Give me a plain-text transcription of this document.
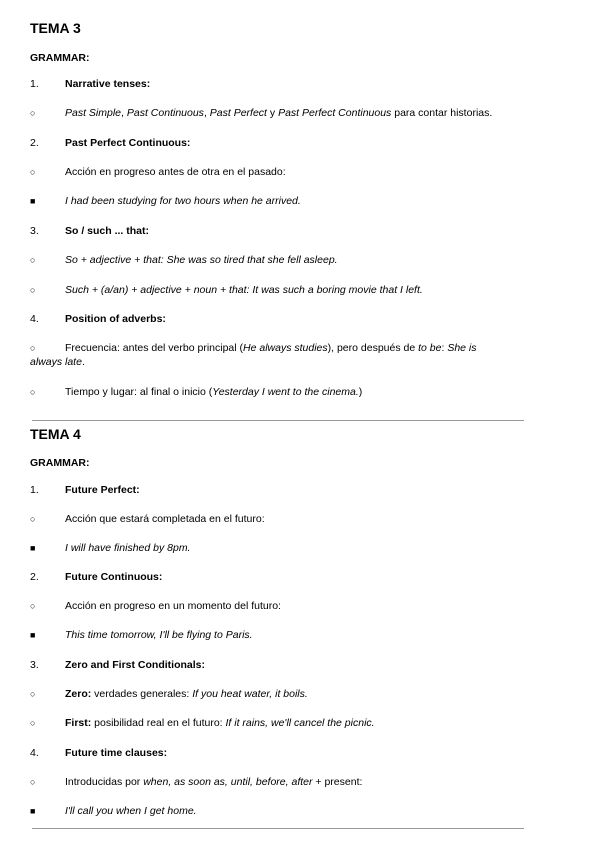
TEMA 3
GRAMMAR:
1. Narrative tenses:
○	Past Simple, Past Continuous, Past Perfect y Past Perfect Continuous para contar historias.
2. Past Perfect Continuous:
○	Acción en progreso antes de otra en el pasado:
■	I had been studying for two hours when he arrived.
3. So / such ... that:
○	So + adjective + that: She was so tired that she fell asleep.
○	Such + (a/an) + adjective + noun + that: It was such a boring movie that I left.
4. Position of adverbs:
○	Frecuencia: antes del verbo principal (He always studies), pero después de to be: She is
always late.
○	Tiempo y lugar: al final o inicio (Yesterday I went to the cinema.)
TEMA 4
GRAMMAR:
1. Future Perfect:
○	Acción que estará completada en el futuro:
■	I will have finished by 8pm.
2. Future Continuous:
○	Acción en progreso en un momento del futuro:
■	This time tomorrow, I'll be flying to Paris.
3. Zero and First Conditionals:
○	Zero: verdades generales: If you heat water, it boils.
○	First: posibilidad real en el futuro: If it rains, we'll cancel the picnic.
4. Future time clauses:
○	Introducidas por when, as soon as, until, before, after + present:
■	I'll call you when I get home.
